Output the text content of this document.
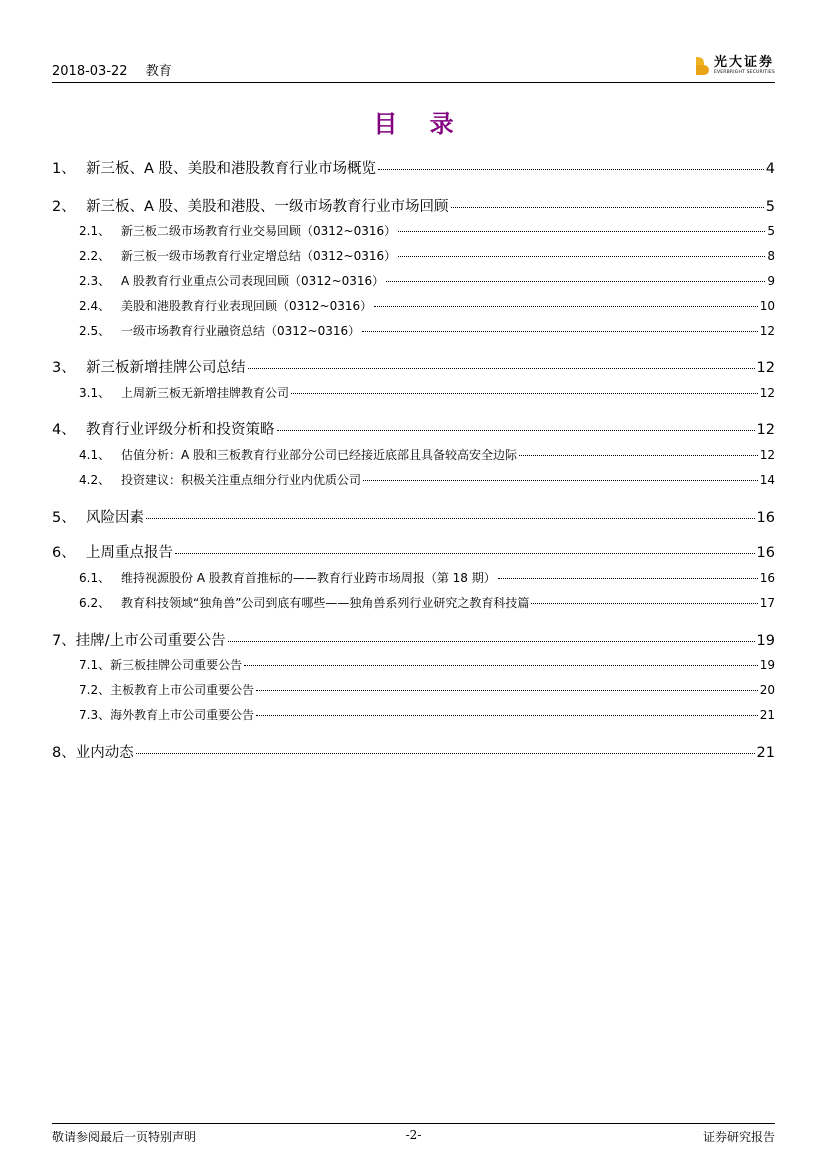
2018-03-22 教育
光大证券
EVERBRIGHT SECURITIES
目 录
1、 新三板、A 股、美股和港股教育行业市场概览	4
2、 新三板、A 股、美股和港股、一级市场教育行业市场回顾	5
2.1、 新三板二级市场教育行业交易回顾（0312~0316）	5
2.2、 新三板一级市场教育行业定增总结（0312~0316）	8
2.3、 A 股教育行业重点公司表现回顾（0312~0316）	9
2.4、 美股和港股教育行业表现回顾（0312~0316）	10
2.5、 一级市场教育行业融资总结（0312~0316）	12
3、 新三板新增挂牌公司总结	12
3.1、 上周新三板无新增挂牌教育公司	12
4、 教育行业评级分析和投资策略	12
4.1、 估值分析：A 股和三板教育行业部分公司已经接近底部且具备较高安全边际	12
4.2、 投资建议：积极关注重点细分行业内优质公司	14
5、 风险因素	16
6、 上周重点报告	16
6.1、 维持视源股份 A 股教育首推标的——教育行业跨市场周报（第 18 期）	16
6.2、 教育科技领域“独角兽”公司到底有哪些——独角兽系列行业研究之教育科技篇	17
7、挂牌/上市公司重要公告	19
7.1、新三板挂牌公司重要公告	19
7.2、主板教育上市公司重要公告	20
7.3、海外教育上市公司重要公告	21
8、业内动态	21
敬请参阅最后一页特别声明	-2-	证券研究报告
